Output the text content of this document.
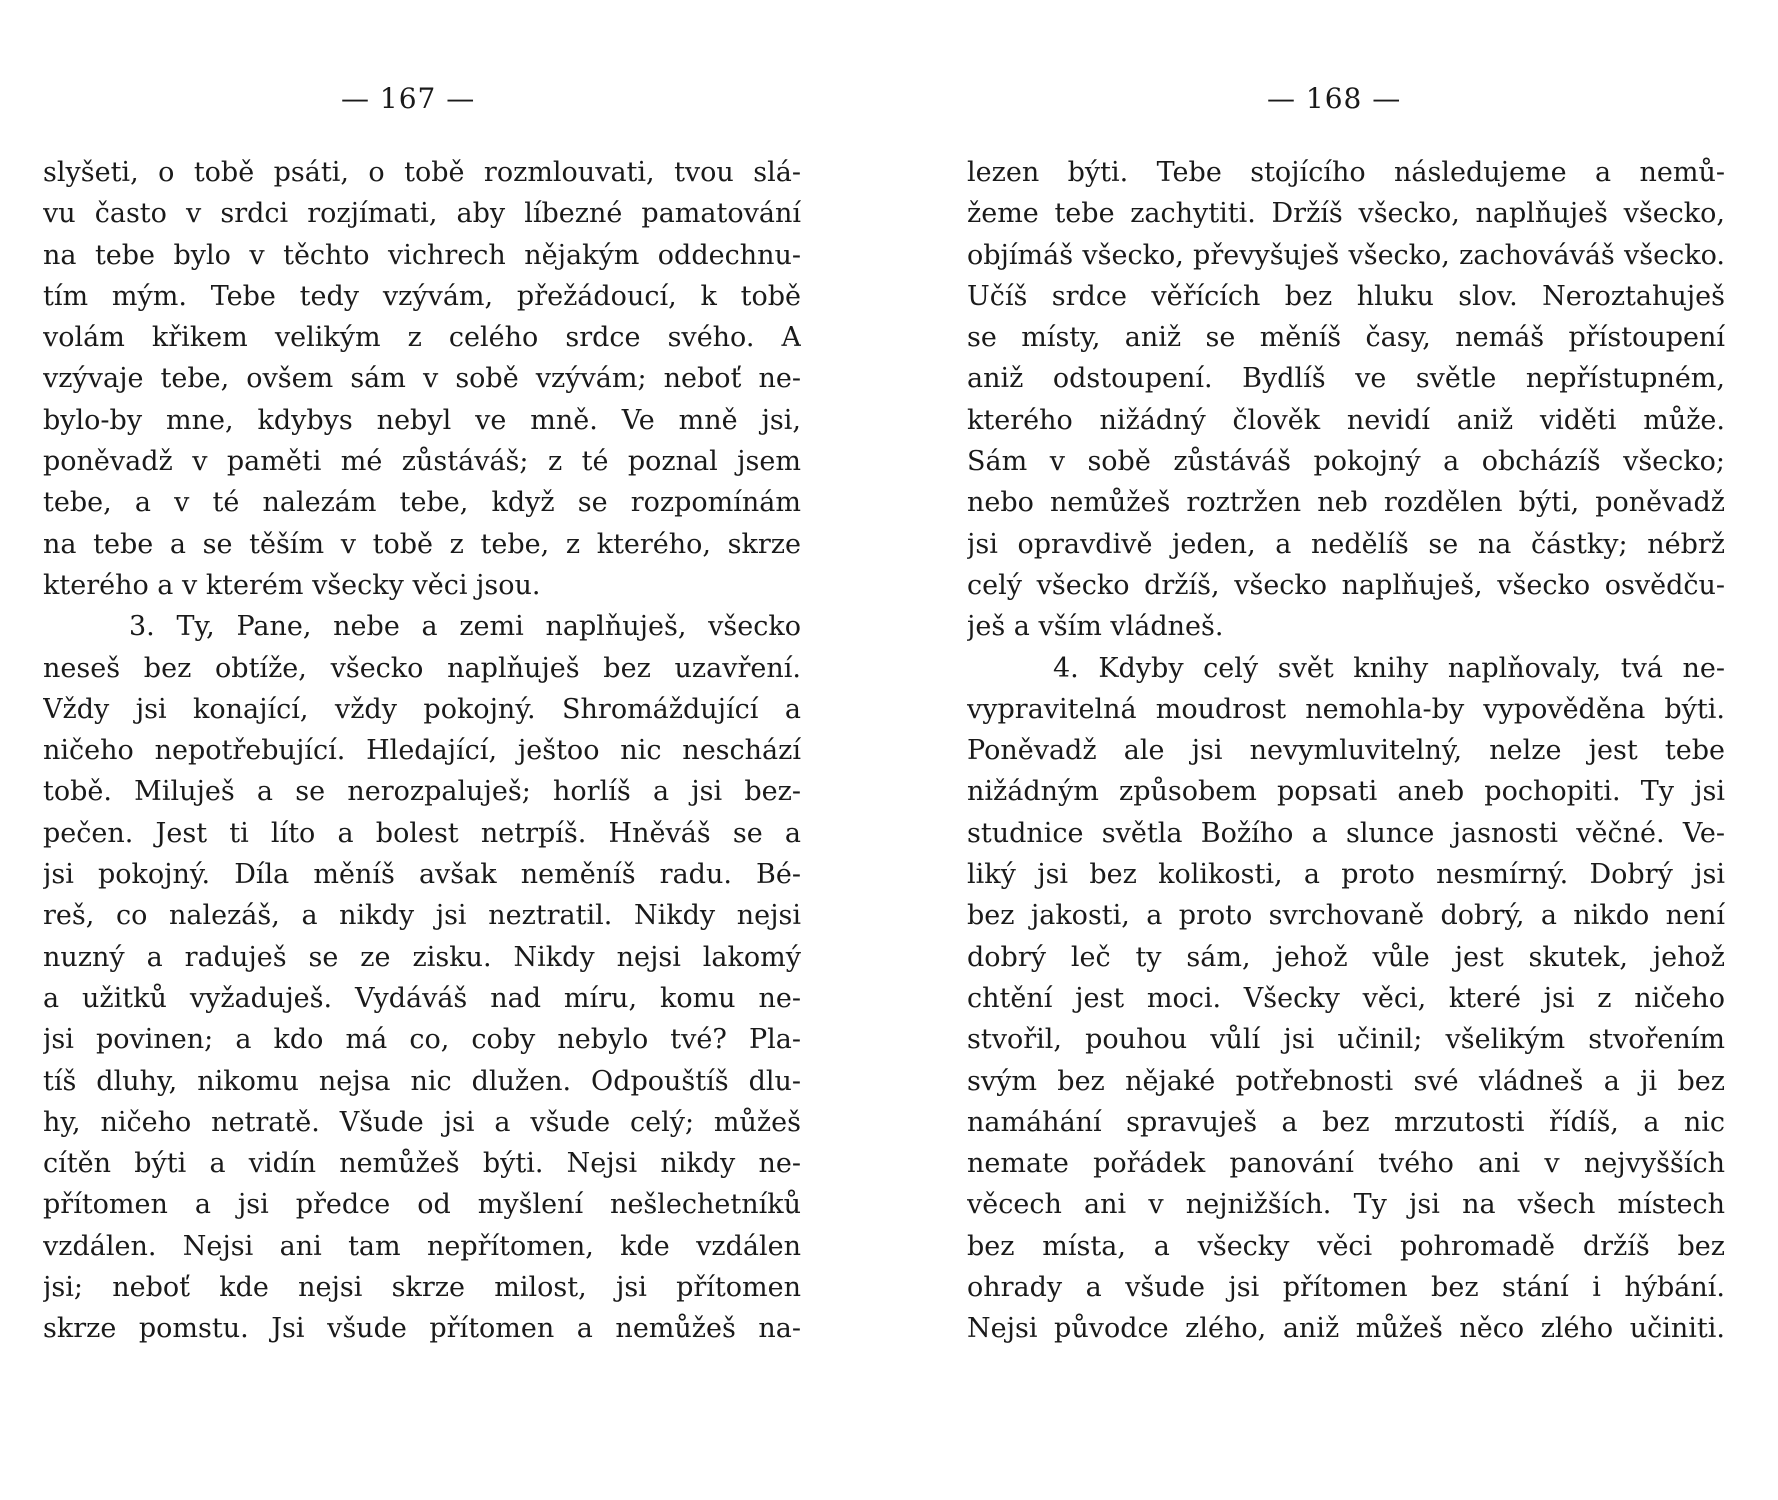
— 167 —
slyšeti, o tobě psáti, o tobě rozmlouvati, tvou slá-
vu často v srdci rozjímati, aby líbezné pamatování
na tebe bylo v těchto vichrech nějakým oddechnu-
tím mým. Tebe tedy vzývám, přežádoucí, k tobě
volám křikem velikým z celého srdce svého. A
vzývaje tebe, ovšem sám v sobě vzývám; neboť ne-
bylo-by mne, kdybys nebyl ve mně. Ve mně jsi,
poněvadž v paměti mé zůstáváš; z té poznal jsem
tebe, a v té nalezám tebe, když se rozpomínám
na tebe a se těším v tobě z tebe, z kterého, skrze
kterého a v kterém všecky věci jsou.
3. Ty, Pane, nebe a zemi naplňuješ, všecko
neseš bez obtíže, všecko naplňuješ bez uzavření.
Vždy jsi konající, vždy pokojný. Shromáždující a
ničeho nepotřebující. Hledající, ještoo nic neschází
tobě. Miluješ a se nerozpaluješ; horlíš a jsi bez-
pečen. Jest ti líto a bolest netrpíš. Hněváš se a
jsi pokojný. Díla měníš avšak neměníš radu. Bé-
reš, co nalezáš, a nikdy jsi neztratil. Nikdy nejsi
nuzný a raduješ se ze zisku. Nikdy nejsi lakomý
a užitků vyžaduješ. Vydáváš nad míru, komu ne-
jsi povinen; a kdo má co, coby nebylo tvé? Pla-
tíš dluhy, nikomu nejsa nic dlužen. Odpouštíš dlu-
hy, ničeho netratě. Všude jsi a všude celý; můžeš
cítěn býti a vidín nemůžeš býti. Nejsi nikdy ne-
přítomen a jsi předce od myšlení nešlechetníků
vzdálen. Nejsi ani tam nepřítomen, kde vzdálen
jsi; neboť kde nejsi skrze milost, jsi přítomen
skrze pomstu. Jsi všude přítomen a nemůžeš na-
— 168 —
lezen býti. Tebe stojícího následujeme a nemů-
žeme tebe zachytiti. Držíš všecko, naplňuješ všecko,
objímáš všecko, převyšuješ všecko, zachováváš všecko.
Učíš srdce věřících bez hluku slov. Neroztahuješ
se místy, aniž se měníš časy, nemáš přístoupení
aniž odstoupení. Bydlíš ve světle nepřístupném,
kterého nižádný člověk nevidí aniž viděti může.
Sám v sobě zůstáváš pokojný a obcházíš všecko;
nebo nemůžeš roztržen neb rozdělen býti, poněvadž
jsi opravdivě jeden, a nedělíš se na částky; nébrž
celý všecko držíš, všecko naplňuješ, všecko osvědču-
ješ a vším vládneš.
4. Kdyby celý svět knihy naplňovaly, tvá ne-
vypravitelná moudrost nemohla-by vypověděna býti.
Poněvadž ale jsi nevymluvitelný, nelze jest tebe
nižádným způsobem popsati aneb pochopiti. Ty jsi
studnice světla Božího a slunce jasnosti věčné. Ve-
liký jsi bez kolikosti, a proto nesmírný. Dobrý jsi
bez jakosti, a proto svrchovaně dobrý, a nikdo není
dobrý leč ty sám, jehož vůle jest skutek, jehož
chtění jest moci. Všecky věci, které jsi z ničeho
stvořil, pouhou vůlí jsi učinil; všelikým stvořením
svým bez nějaké potřebnosti své vládneš a ji bez
namáhání spravuješ a bez mrzutosti řídíš, a nic
nemate pořádek panování tvého ani v nejvyšších
věcech ani v nejnižších. Ty jsi na všech místech
bez místa, a všecky věci pohromadě držíš bez
ohrady a všude jsi přítomen bez stání i hýbání.
Nejsi původce zlého, aniž můžeš něco zlého učiniti.
